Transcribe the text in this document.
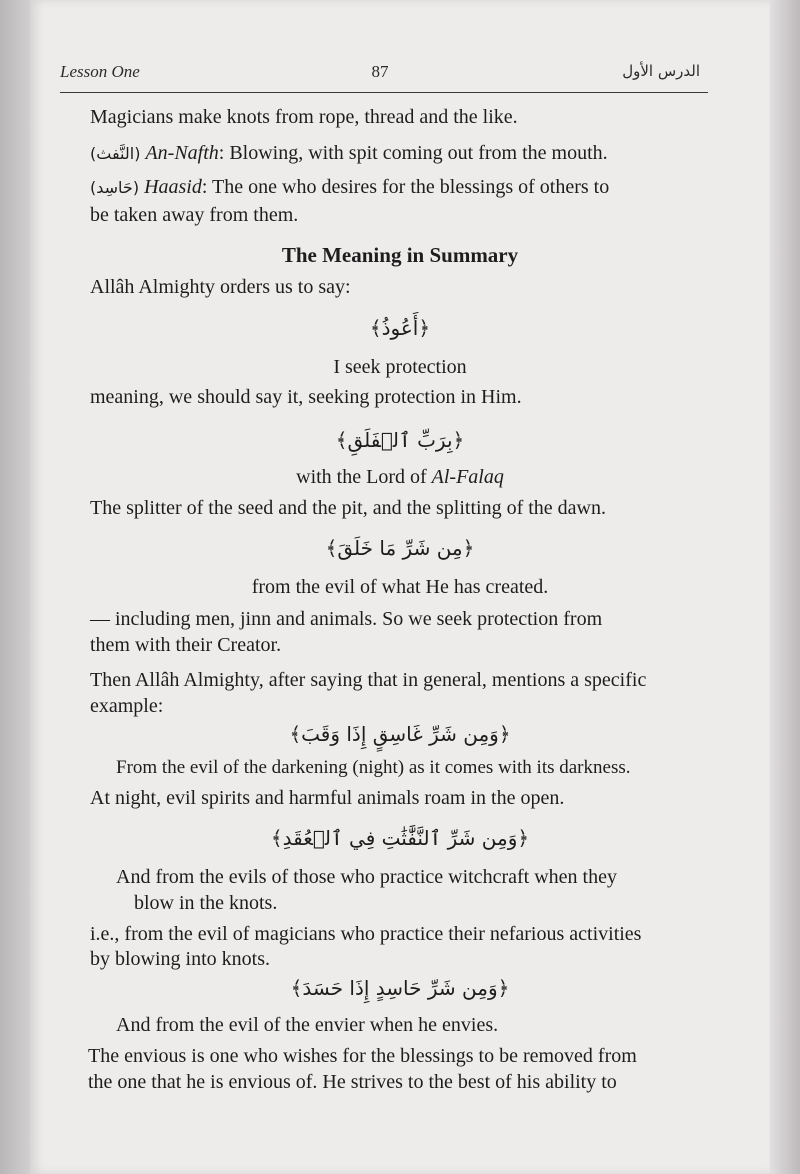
Lesson One	87	الدرس الأول
Magicians make knots from rope, thread and the like.
(النَّفث) An-Nafth: Blowing, with spit coming out from the mouth.
(حَاسِد) Haasid: The one who desires for the blessings of others to
be taken away from them.
The Meaning in Summary
Allâh Almighty orders us to say:
﴿أَعُوذُ﴾
I seek protection
meaning, we should say it, seeking protection in Him.
﴿بِرَبِّ ٱلۡفَلَقِ﴾
with the Lord of Al-Falaq
The splitter of the seed and the pit, and the splitting of the dawn.
﴿مِن شَرِّ مَا خَلَقَ﴾
from the evil of what He has created.
— including men, jinn and animals. So we seek protection from
them with their Creator.
Then Allâh Almighty, after saying that in general, mentions a specific
example:
﴿وَمِن شَرِّ غَاسِقٍ إِذَا وَقَبَ﴾
From the evil of the darkening (night) as it comes with its darkness.
At night, evil spirits and harmful animals roam in the open.
﴿وَمِن شَرِّ ٱلنَّفَّٰثَٰتِ فِي ٱلۡعُقَدِ﴾
And from the evils of those who practice witchcraft when they
blow in the knots.
i.e., from the evil of magicians who practice their nefarious activities
by blowing into knots.
﴿وَمِن شَرِّ حَاسِدٍ إِذَا حَسَدَ﴾
And from the evil of the envier when he envies.
The envious is one who wishes for the blessings to be removed from
the one that he is envious of. He strives to the best of his ability to
